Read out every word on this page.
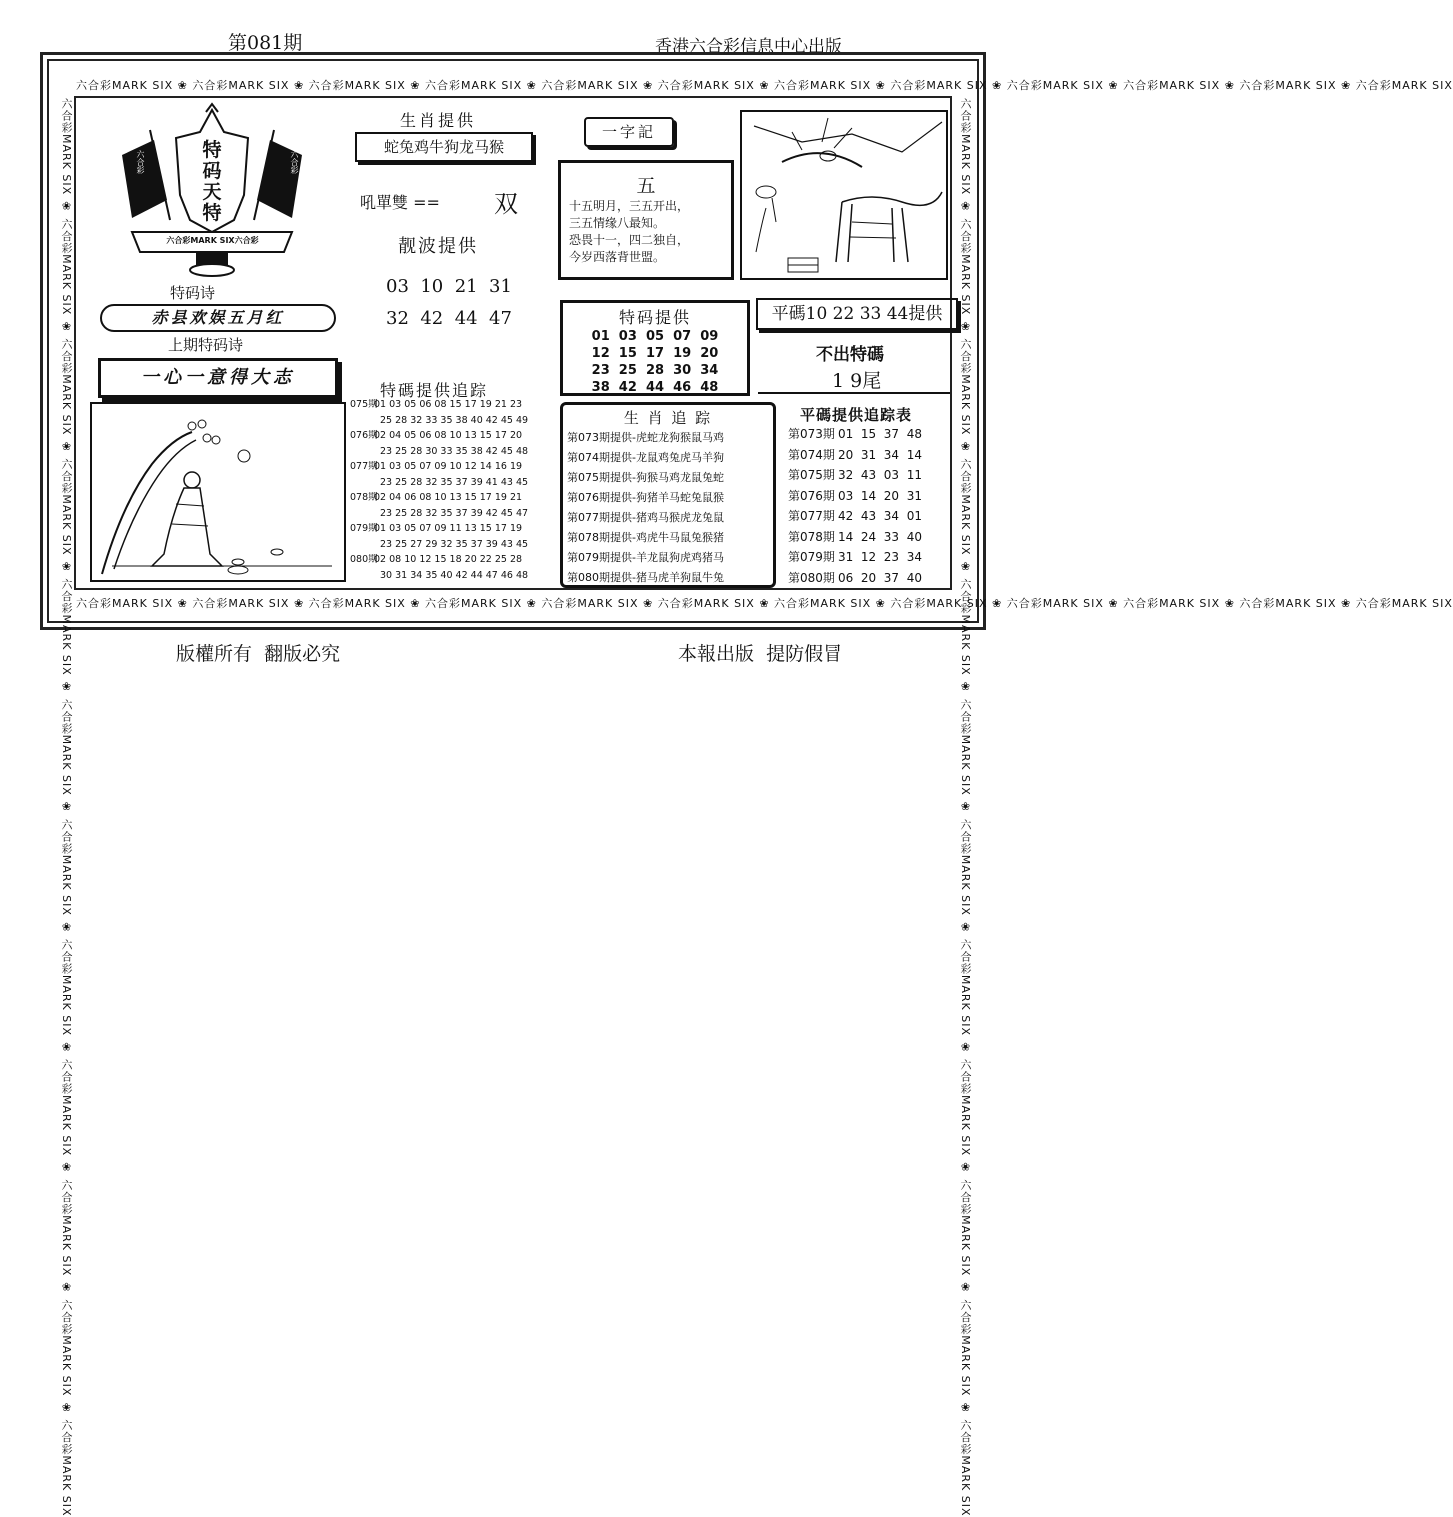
第081期	香港六合彩信息中心出版
版權所有  翻版必究	本報出版  提防假冒
六合彩MARK SIX ❀ 六合彩MARK SIX ❀ 六合彩MARK SIX ❀ 六合彩MARK SIX ❀ 六合彩MARK SIX ❀ 六合彩MARK SIX ❀ 六合彩MARK SIX ❀ 六合彩MARK SIX ❀ 六合彩MARK SIX ❀ 六合彩MARK SIX ❀ 六合彩MARK SIX ❀ 六合彩MARK SIX
六合彩MARK SIX ❀ 六合彩MARK SIX ❀ 六合彩MARK SIX ❀ 六合彩MARK SIX ❀ 六合彩MARK SIX ❀ 六合彩MARK SIX ❀ 六合彩MARK SIX ❀ 六合彩MARK SIX ❀ 六合彩MARK SIX ❀ 六合彩MARK SIX ❀ 六合彩MARK SIX ❀ 六合彩MARK SIX
六合彩MARK SIX ❀ 六合彩MARK SIX ❀ 六合彩MARK SIX ❀ 六合彩MARK SIX ❀ 六合彩MARK SIX ❀ 六合彩MARK SIX ❀ 六合彩MARK SIX ❀ 六合彩MARK SIX ❀ 六合彩MARK SIX ❀ 六合彩MARK SIX ❀ 六合彩MARK SIX ❀ 六合彩MARK SIX	六合彩MARK SIX ❀ 六合彩MARK SIX ❀ 六合彩MARK SIX ❀ 六合彩MARK SIX ❀ 六合彩MARK SIX ❀ 六合彩MARK SIX ❀ 六合彩MARK SIX ❀ 六合彩MARK SIX ❀ 六合彩MARK SIX ❀ 六合彩MARK SIX ❀ 六合彩MARK SIX ❀ 六合彩MARK SIX
六合彩	六合彩
特
码
天
特
六合彩MARK SIX六合彩
特码诗
赤县欢娱五月红
上期特码诗
一心一意得大志
生肖提供
蛇兔鸡牛狗龙马猴
吼單雙 == 双
靓波提供
03  10  21  31
32  42  44  47
特碼提供追踪
075期01 03 05 06 08 15 17 19 21 23
25 28 32 33 35 38 40 42 45 49
076期02 04 05 06 08 10 13 15 17 20
23 25 28 30 33 35 38 42 45 48
077期01 03 05 07 09 10 12 14 16 19
23 25 28 32 35 37 39 41 43 45
078期02 04 06 08 10 13 15 17 19 21
23 25 28 32 35 37 39 42 45 47
079期01 03 05 07 09 11 13 15 17 19
23 25 27 29 32 35 37 39 43 45
080期02 08 10 12 15 18 20 22 25 28
30 31 34 35 40 42 44 47 46 48
一字記
五
十五明月，三五开出，
三五情缘八最知。
恐畏十一，四二独自，
今岁西落背世盟。
特码提供
01  03  05  07  09
12  15  17  19  20
23  25  28  30  34
38  42  44  46  48
生 肖 追 踪
第073期提供-虎蛇龙狗猴鼠马鸡
第074期提供-龙鼠鸡兔虎马羊狗
第075期提供-狗猴马鸡龙鼠兔蛇
第076期提供-狗猪羊马蛇兔鼠猴
第077期提供-猪鸡马猴虎龙兔鼠
第078期提供-鸡虎牛马鼠兔猴猪
第079期提供-羊龙鼠狗虎鸡猪马
第080期提供-猪马虎羊狗鼠牛兔
平碼10 22 33 44提供
不出特碼
1 9尾
平碼提供追踪表
第073期 01  15  37  48
第074期 20  31  34  14
第075期 32  43  03  11
第076期 03  14  20  31
第077期 42  43  34  01
第078期 14  24  33  40
第079期 31  12  23  34
第080期 06  20  37  40
